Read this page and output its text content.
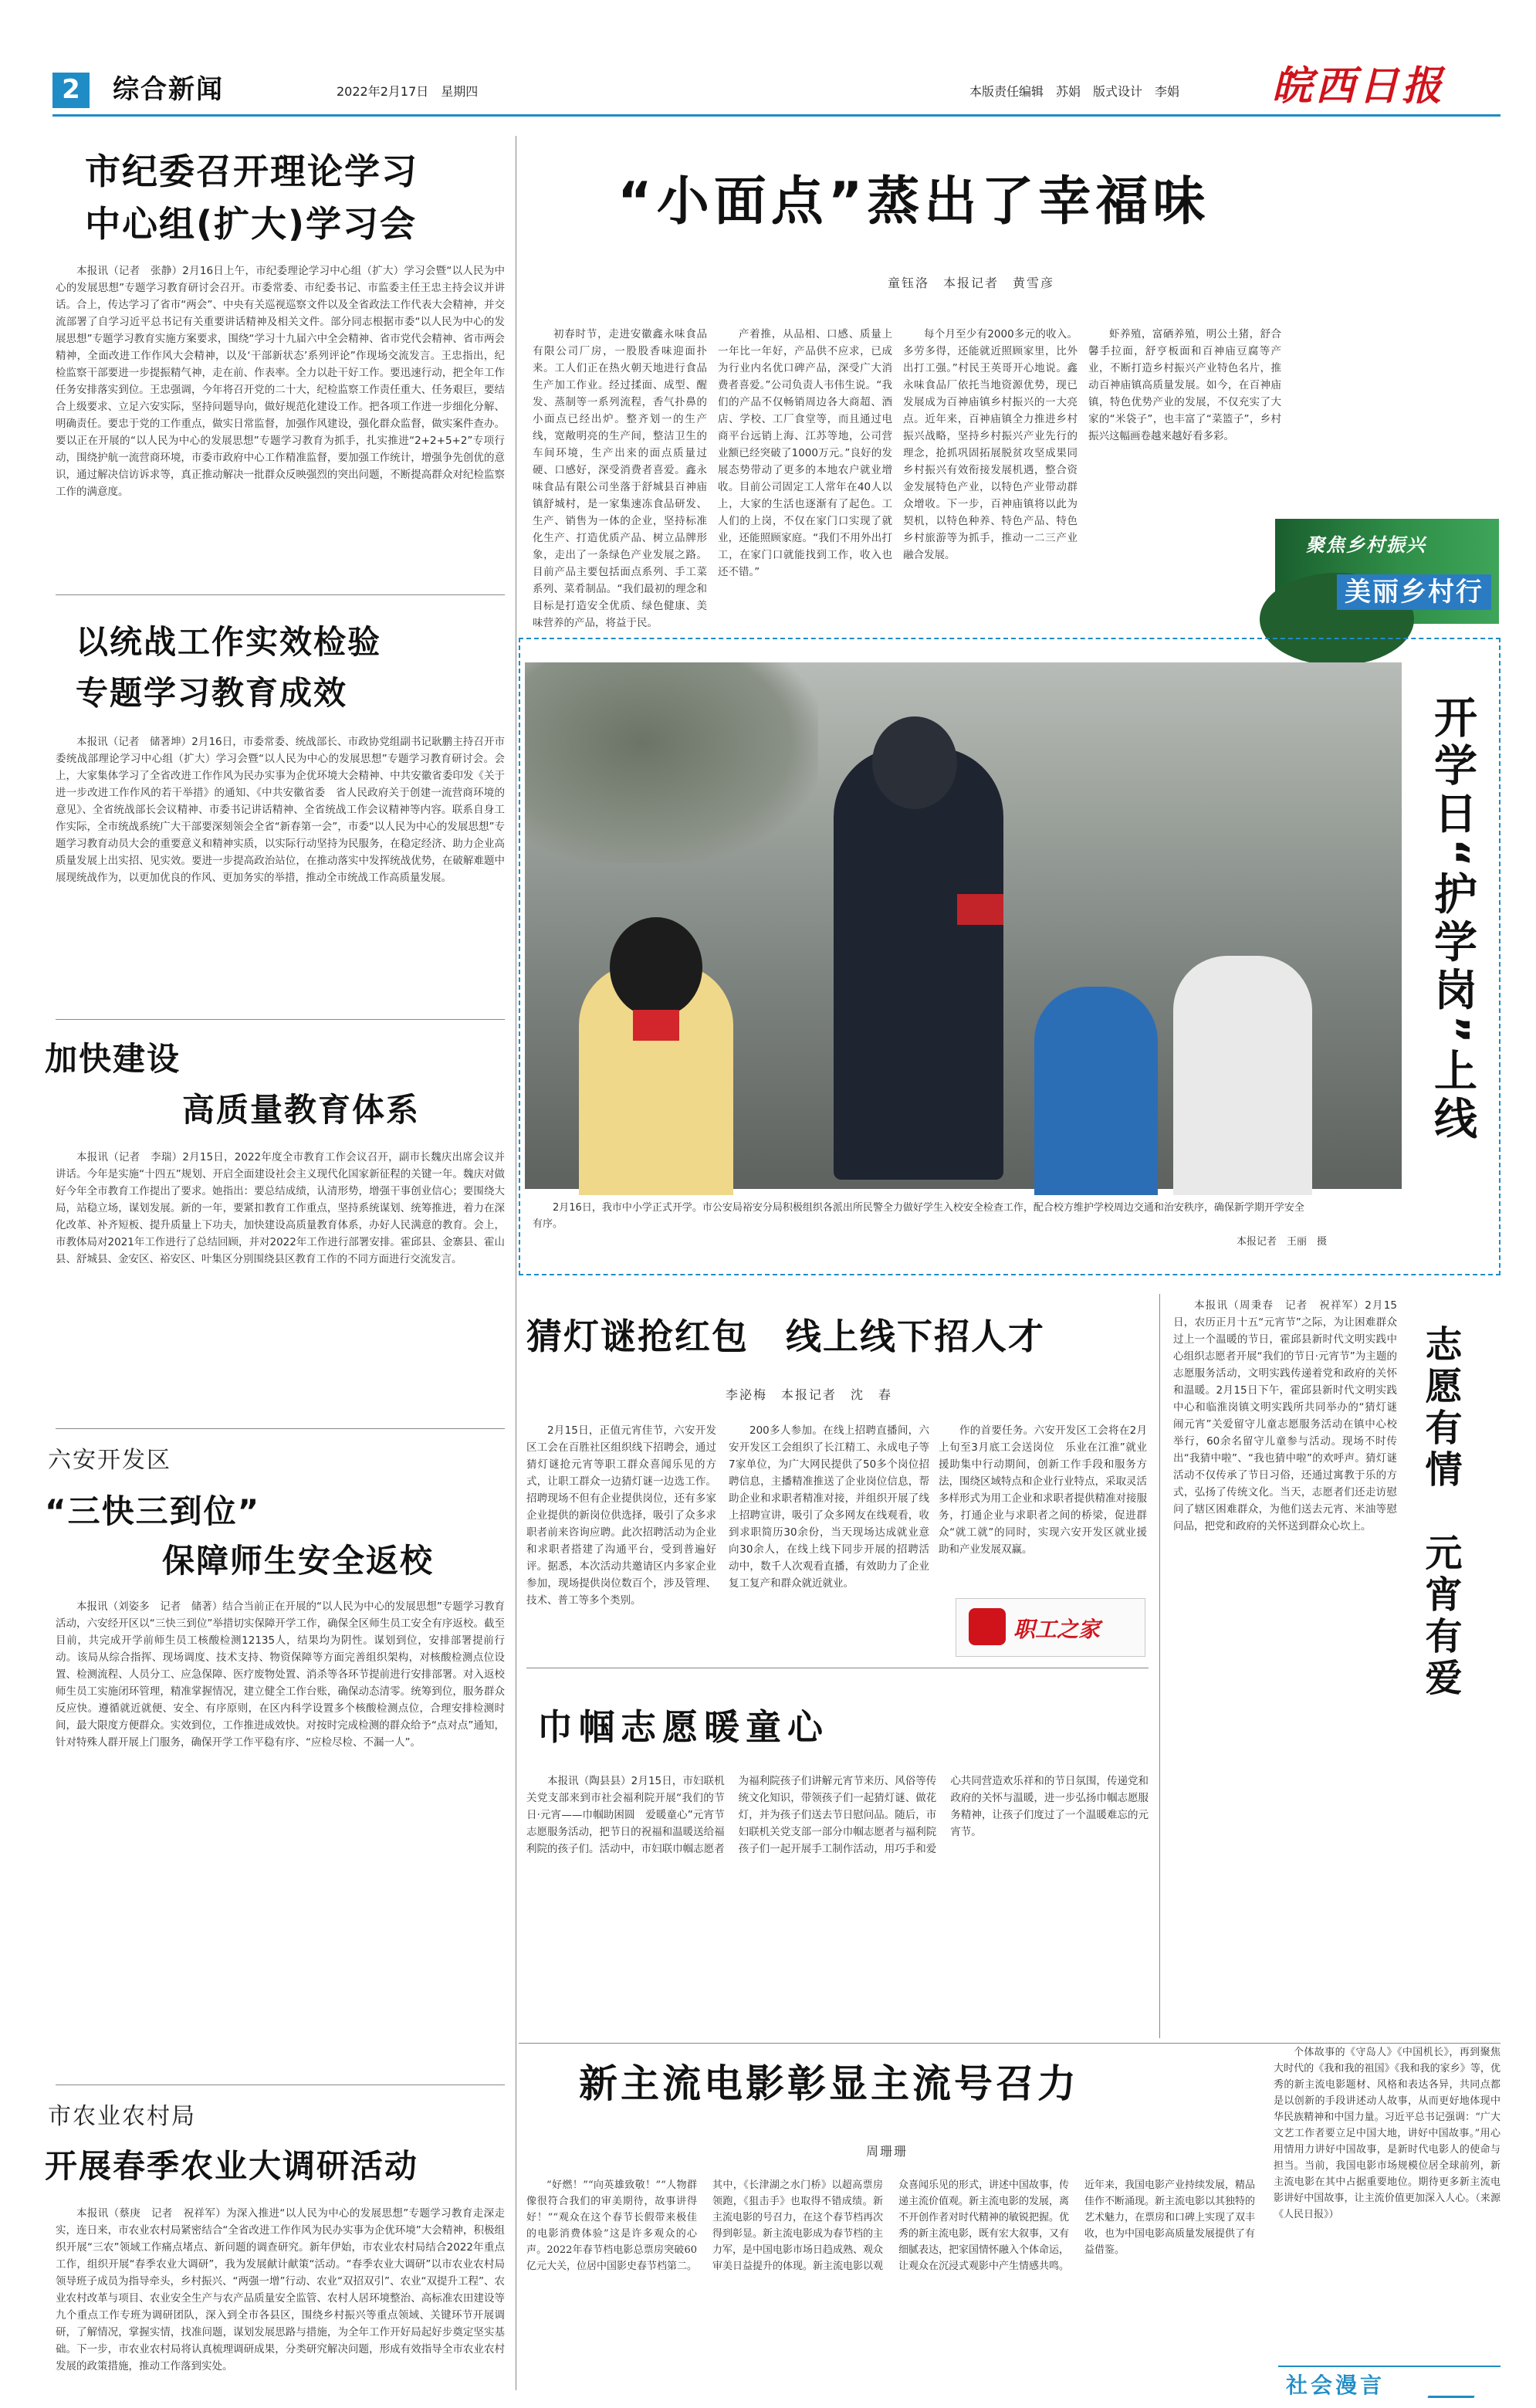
2	综合新闻	2022年2月17日　星期四	本版责任编辑　苏娟　版式设计　李娟 皖西日报
市纪委召开理论学习
中心组(扩大)学习会
本报讯（记者　张静）2月16日上午，市纪委理论学习中心组（扩大）学习会暨“以人民为中心的发展思想”专题学习教育研讨会召开。市委常委、市纪委书记、市监委主任王忠主持会议并讲话。合上，传达学习了省市“两会”、中央有关巡视巡察文件以及全省政法工作代表大会精神，并交流部署了自学习近平总书记有关重要讲话精神及相关文件。部分同志根据市委“以人民为中心的发展思想”专题学习教育实施方案要求，围绕“学习十九届六中全会精神、省市党代会精神、省市两会精神，全面改进工作作风大会精神，以及‘干部新状态’系列评论”作现场交流发言。王忠指出，纪检监察干部要进一步提振精气神，走在前、作表率。全力以赴干好工作。要迅速行动，把全年工作任务安排落实到位。王忠强调，今年将召开党的二十大，纪检监察工作责任重大、任务艰巨，要结合上级要求、立足六安实际，坚持问题导向，做好规范化建设工作。把各项工作进一步细化分解、明确责任。要忠于党的工作重点，做实日常监督，加强作风建设，强化群众监督，做实案件查办。要以正在开展的“以人民为中心的发展思想”专题学习教育为抓手，扎实推进“2+2+5+2”专项行动，围绕护航一流营商环境，市委市政府中心工作精准监督，要加强工作统计，增强争先创优的意识，通过解决信访诉求等，真正推动解决一批群众反映强烈的突出问题，不断提高群众对纪检监察工作的满意度。
以统战工作实效检验
专题学习教育成效
本报讯（记者　储著坤）2月16日，市委常委、统战部长、市政协党组副书记耿鹏主持召开市委统战部理论学习中心组（扩大）学习会暨“以人民为中心的发展思想”专题学习教育研讨会。会上，大家集体学习了全省改进工作作风为民办实事为企优环境大会精神、中共安徽省委印发《关于进一步改进工作作风的若干举措》的通知、《中共安徽省委　省人民政府关于创建一流营商环境的意见》、全省统战部长会议精神、市委书记讲话精神、全省统战工作会议精神等内容。联系自身工作实际，全市统战系统广大干部要深刻领会全省“新春第一会”，市委“以人民为中心的发展思想”专题学习教育动员大会的重要意义和精神实质，以实际行动坚持为民服务，在稳定经济、助力企业高质量发展上出实招、见实效。要进一步提高政治站位，在推动落实中发挥统战优势，在破解难题中展现统战作为，以更加优良的作风、更加务实的举措，推动全市统战工作高质量发展。
加快建设
高质量教育体系
本报讯（记者　李瑞）2月15日，2022年度全市教育工作会议召开，副市长魏庆出席会议并讲话。今年是实施“十四五”规划、开启全面建设社会主义现代化国家新征程的关键一年。魏庆对做好今年全市教育工作提出了要求。她指出：要总结成绩，认清形势，增强干事创业信心；要围绕大局，站稳立场，谋划发展。新的一年，要紧扣教育工作重点，坚持系统谋划、统筹推进，着力在深化改革、补齐短板、提升质量上下功夫，加快建设高质量教育体系，办好人民满意的教育。会上，市教体局对2021年工作进行了总结回顾，并对2022年工作进行部署安排。霍邱县、金寨县、霍山县、舒城县、金安区、裕安区、叶集区分别围绕县区教育工作的不同方面进行交流发言。
六安开发区
“三快三到位”
保障师生安全返校
本报讯（刘姿多　记者　储著）结合当前正在开展的“以人民为中心的发展思想”专题学习教育活动，六安经开区以“三快三到位”举措切实保障开学工作，确保全区师生员工安全有序返校。截至目前，共完成开学前师生员工核酸检测12135人，结果均为阴性。谋划到位，安排部署提前行动。该局从综合指挥、现场调度、技术支持、物资保障等方面完善组织架构，对核酸检测点位设置、检测流程、人员分工、应急保障、医疗废物处置、消杀等各环节提前进行安排部署。对入返校师生员工实施闭环管理，精准掌握情况，建立健全工作台账，确保动态清零。统筹到位，服务群众反应快。遵循就近就便、安全、有序原则，在区内科学设置多个核酸检测点位，合理安排检测时间，最大限度方便群众。实效到位，工作推进成效快。对按时完成检测的群众给予“点对点”通知，针对特殊人群开展上门服务，确保开学工作平稳有序、“应检尽检、不漏一人”。
市农业农村局
开展春季农业大调研活动
本报讯（蔡庚　记者　祝祥军）为深入推进“以人民为中心的发展思想”专题学习教育走深走实，连日来，市农业农村局紧密结合“全省改进工作作风为民办实事为企优环境”大会精神，积极组织开展“三农”领域工作痛点堵点、新问题的调查研究。新年伊始，市农业农村局结合2022年重点工作，组织开展“春季农业大调研”，我为发展献计献策“活动。“春季农业大调研”以市农业农村局领导班子成员为指导牵头，乡村振兴、“两强一增”行动、农业“双招双引”、农业“双提升工程”、农业农村改革与项目、农业安全生产与农产品质量安全监管、农村人居环境整治、高标准农田建设等九个重点工作专班为调研团队，深入到全市各县区，围绕乡村振兴等重点领域、关键环节开展调研，了解情况，掌握实情，找准问题，谋划发展思路与措施，为全年工作开好局起好步奠定坚实基础。下一步，市农业农村局将认真梳理调研成果，分类研究解决问题，形成有效指导全市农业农村发展的政策措施，推动工作落到实处。
“小面点”蒸出了幸福味
童钰洛　本报记者　黄雪彦
初春时节，走进安徽鑫永味食品有限公司厂房，一股股香味迎面扑来。工人们正在热火朝天地进行食品生产加工作业。经过揉面、成型、醒发、蒸制等一系列流程，香气扑鼻的小面点已经出炉。整齐划一的生产线，宽敞明亮的生产间，整洁卫生的车间环境，生产出来的面点质量过硬、口感好，深受消费者喜爱。鑫永味食品有限公司坐落于舒城县百神庙镇舒城村，是一家集速冻食品研发、生产、销售为一体的企业，坚持标准化生产、打造优质产品、树立品牌形象，走出了一条绿色产业发展之路。目前产品主要包括面点系列、手工菜系列、菜肴制品。“我们最初的理念和目标是打造安全优质、绿色健康、美味营养的产品，将益于民。
产着推，从品相、口感、质量上一年比一年好，产品供不应求，已成为行业内名优口碑产品，深受广大消费者喜爱。”公司负责人韦伟生说。“我们的产品不仅畅销周边各大商超、酒店、学校、工厂食堂等，而且通过电商平台远销上海、江苏等地，公司营业额已经突破了1000万元。”良好的发展态势带动了更多的本地农户就业增收。目前公司固定工人常年在40人以上，大家的生活也逐渐有了起色。工人们的上岗，不仅在家门口实现了就业，还能照顾家庭。“我们不用外出打工，在家门口就能找到工作，收入也还不错。”
每个月至少有2000多元的收入。多劳多得，还能就近照顾家里，比外出打工强。”村民王英哥开心地说。鑫永味食品厂依托当地资源优势，现已发展成为百神庙镇乡村振兴的一大亮点。近年来，百神庙镇全力推进乡村振兴战略，坚持乡村振兴产业先行的理念，抢抓巩固拓展脱贫攻坚成果同乡村振兴有效衔接发展机遇，整合资金发展特色产业，以特色产业带动群众增收。下一步，百神庙镇将以此为契机，以特色种养、特色产品、特色乡村旅游等为抓手，推动一二三产业融合发展。
虾养殖，富硒养殖，明公土猪，舒合馨手拉面，舒亨板面和百神庙豆腐等产业，不断打造乡村振兴产业特色名片，推动百神庙镇高质量发展。如今，在百神庙镇，特色优势产业的发展，不仅充实了大家的“米袋子”，也丰富了“菜篮子”，乡村振兴这幅画卷越来越好看多彩。
聚焦乡村振兴
美丽乡村行
开学日“护学岗”上线
2月16日，我市中小学正式开学。市公安局裕安分局积极组织各派出所民警全力做好学生入校安全检查工作，配合校方维护学校周边交通和治安秩序，确保新学期开学安全有序。
本报记者　王丽　摄
猜灯谜抢红包　线上线下招人才
李泌梅　本报记者　沈　春
2月15日，正值元宵佳节，六安开发区工会在百胜社区组织线下招聘会，通过猜灯谜抢元宵等职工群众喜闻乐见的方式，让职工群众一边猜灯谜一边选工作。招聘现场不但有企业提供岗位，还有多家企业提供的新岗位供选择，吸引了众多求职者前来咨询应聘。此次招聘活动为企业和求职者搭建了沟通平台，受到普遍好评。据悉，本次活动共邀请区内多家企业参加，现场提供岗位数百个，涉及管理、技术、普工等多个类别。
200多人参加。在线上招聘直播间，六安开发区工会组织了长江精工、永成电子等7家单位，为广大网民提供了50多个岗位招聘信息，主播精准推送了企业岗位信息，帮助企业和求职者精准对接，并组织开展了线上招聘宣讲，吸引了众多网友在线观看，收到求职简历30余份，当天现场达成就业意向30余人，在线上线下同步开展的招聘活动中，数千人次观看直播，有效助力了企业复工复产和群众就近就业。
作的首要任务。六安开发区工会将在2月上旬至3月底工会送岗位　乐业在江淮”就业援助集中行动期间，创新工作手段和服务方法，围绕区域特点和企业行业特点，采取灵活多样形式为用工企业和求职者提供精准对接服务，打通企业与求职者之间的桥梁，促进群众“就工就”的同时，实现六安开发区就业援助和产业发展双赢。
职工之家
巾帼志愿暖童心
本报讯（陶县县）2月15日，市妇联机关党支部来到市社会福利院开展“我们的节日·元宵——巾帼助困圆　爱暖童心”元宵节志愿服务活动，把节日的祝福和温暖送给福利院的孩子们。活动中，市妇联巾帼志愿者为福利院孩子们讲解元宵节来历、风俗等传统文化知识，带领孩子们一起猜灯谜、做花灯，并为孩子们送去节日慰问品。随后，市妇联机关党支部一部分巾帼志愿者与福利院孩子们一起开展手工制作活动，用巧手和爱心共同营造欢乐祥和的节日氛围，传递党和政府的关怀与温暖，进一步弘扬巾帼志愿服务精神，让孩子们度过了一个温暖难忘的元宵节。
本报讯（周秉春　记者　祝祥军）2月15日，农历正月十五“元宵节”之际，为让困难群众过上一个温暖的节日，霍邱县新时代文明实践中心组织志愿者开展“我们的节日·元宵节”为主题的志愿服务活动，文明实践传递着党和政府的关怀和温暖。2月15日下午，霍邱县新时代文明实践中心和临淮岗镇文明实践所共同举办的“猜灯谜　闹元宵”关爱留守儿童志愿服务活动在镇中心校举行，60余名留守儿童参与活动。现场不时传出“我猜中啦”、“我也猜中啦”的欢呼声。猜灯谜活动不仅传承了节日习俗，还通过寓教于乐的方式，弘扬了传统文化。当天，志愿者们还走访慰问了辖区困难群众，为他们送去元宵、米油等慰问品，把党和政府的关怀送到群众心坎上。	志愿有情　元宵有爱
新主流电影彰显主流号召力
周珊珊
“好燃！”“向英雄致敬！”“人物群像很符合我们的审美期待，故事讲得好！”“观众在这个春节长假带来极佳的电影消费体验”这是许多观众的心声。2022年春节档电影总票房突破60亿元大关，位居中国影史春节档第二。其中，《长津湖之水门桥》以超高票房领跑，《狙击手》也取得不错成绩。新主流电影的号召力，在这个春节档再次得到彰显。新主流电影成为春节档的主力军，是中国电影市场日趋成熟、观众审美日益提升的体现。新主流电影以观众喜闻乐见的形式，讲述中国故事，传递主流价值观。新主流电影的发展，离不开创作者对时代精神的敏锐把握。优秀的新主流电影，既有宏大叙事，又有细腻表达，把家国情怀融入个体命运，让观众在沉浸式观影中产生情感共鸣。近年来，我国电影产业持续发展，精品佳作不断涌现。新主流电影以其独特的艺术魅力，在票房和口碑上实现了双丰收，也为中国电影高质量发展提供了有益借鉴。
个体故事的《守岛人》《中国机长》，再到聚焦大时代的《我和我的祖国》《我和我的家乡》等，优秀的新主流电影题材、风格和表达各异，共同点都是以创新的手段讲述动人故事，从而更好地体现中华民族精神和中国力量。习近平总书记强调：“广大文艺工作者要立足中国大地，讲好中国故事。”用心用情用力讲好中国故事，是新时代电影人的使命与担当。当前，我国电影市场规模位居全球前列，新主流电影在其中占据重要地位。期待更多新主流电影讲好中国故事，让主流价值更加深入人心。（来源《人民日报》）
社会漫言
